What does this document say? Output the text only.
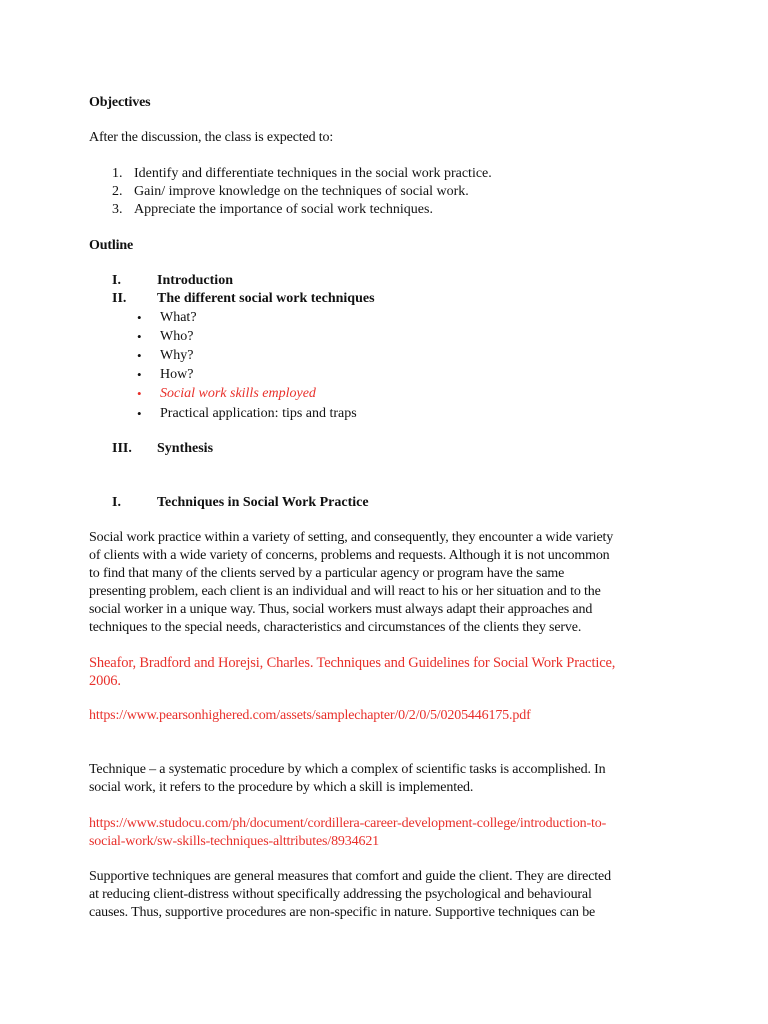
Objectives
After the discussion, the class is expected to:
1. Identify and differentiate techniques in the social work practice.
2. Gain/ improve knowledge on the techniques of social work.
3. Appreciate the importance of social work techniques.
Outline
I.	Introduction
II. The different social work techniques
• What?
• Who?
• Why?
• How?
• Social work skills employed
• Practical application: tips and traps
III. Synthesis
I.	Techniques in Social Work Practice
Social work practice within a variety of setting, and consequently, they encounter a wide variety
of clients with a wide variety of concerns, problems and requests. Although it is not uncommon
to find that many of the clients served by a particular agency or program have the same
presenting problem, each client is an individual and will react to his or her situation and to the
social worker in a unique way. Thus, social workers must always adapt their approaches and
techniques to the special needs, characteristics and circumstances of the clients they serve.
Sheafor, Bradford and Horejsi, Charles. Techniques and Guidelines for Social Work Practice,
2006.
https://www.pearsonhighered.com/assets/samplechapter/0/2/0/5/0205446175.pdf
Technique – a systematic procedure by which a complex of scientific tasks is accomplished. In
social work, it refers to the procedure by which a skill is implemented.
https://www.studocu.com/ph/document/cordillera-career-development-college/introduction-to-
social-work/sw-skills-techniques-alttributes/8934621
Supportive techniques are general measures that comfort and guide the client. They are directed
at reducing client-distress without specifically addressing the psychological and behavioural
causes. Thus, supportive procedures are non-specific in nature. Supportive techniques can be
